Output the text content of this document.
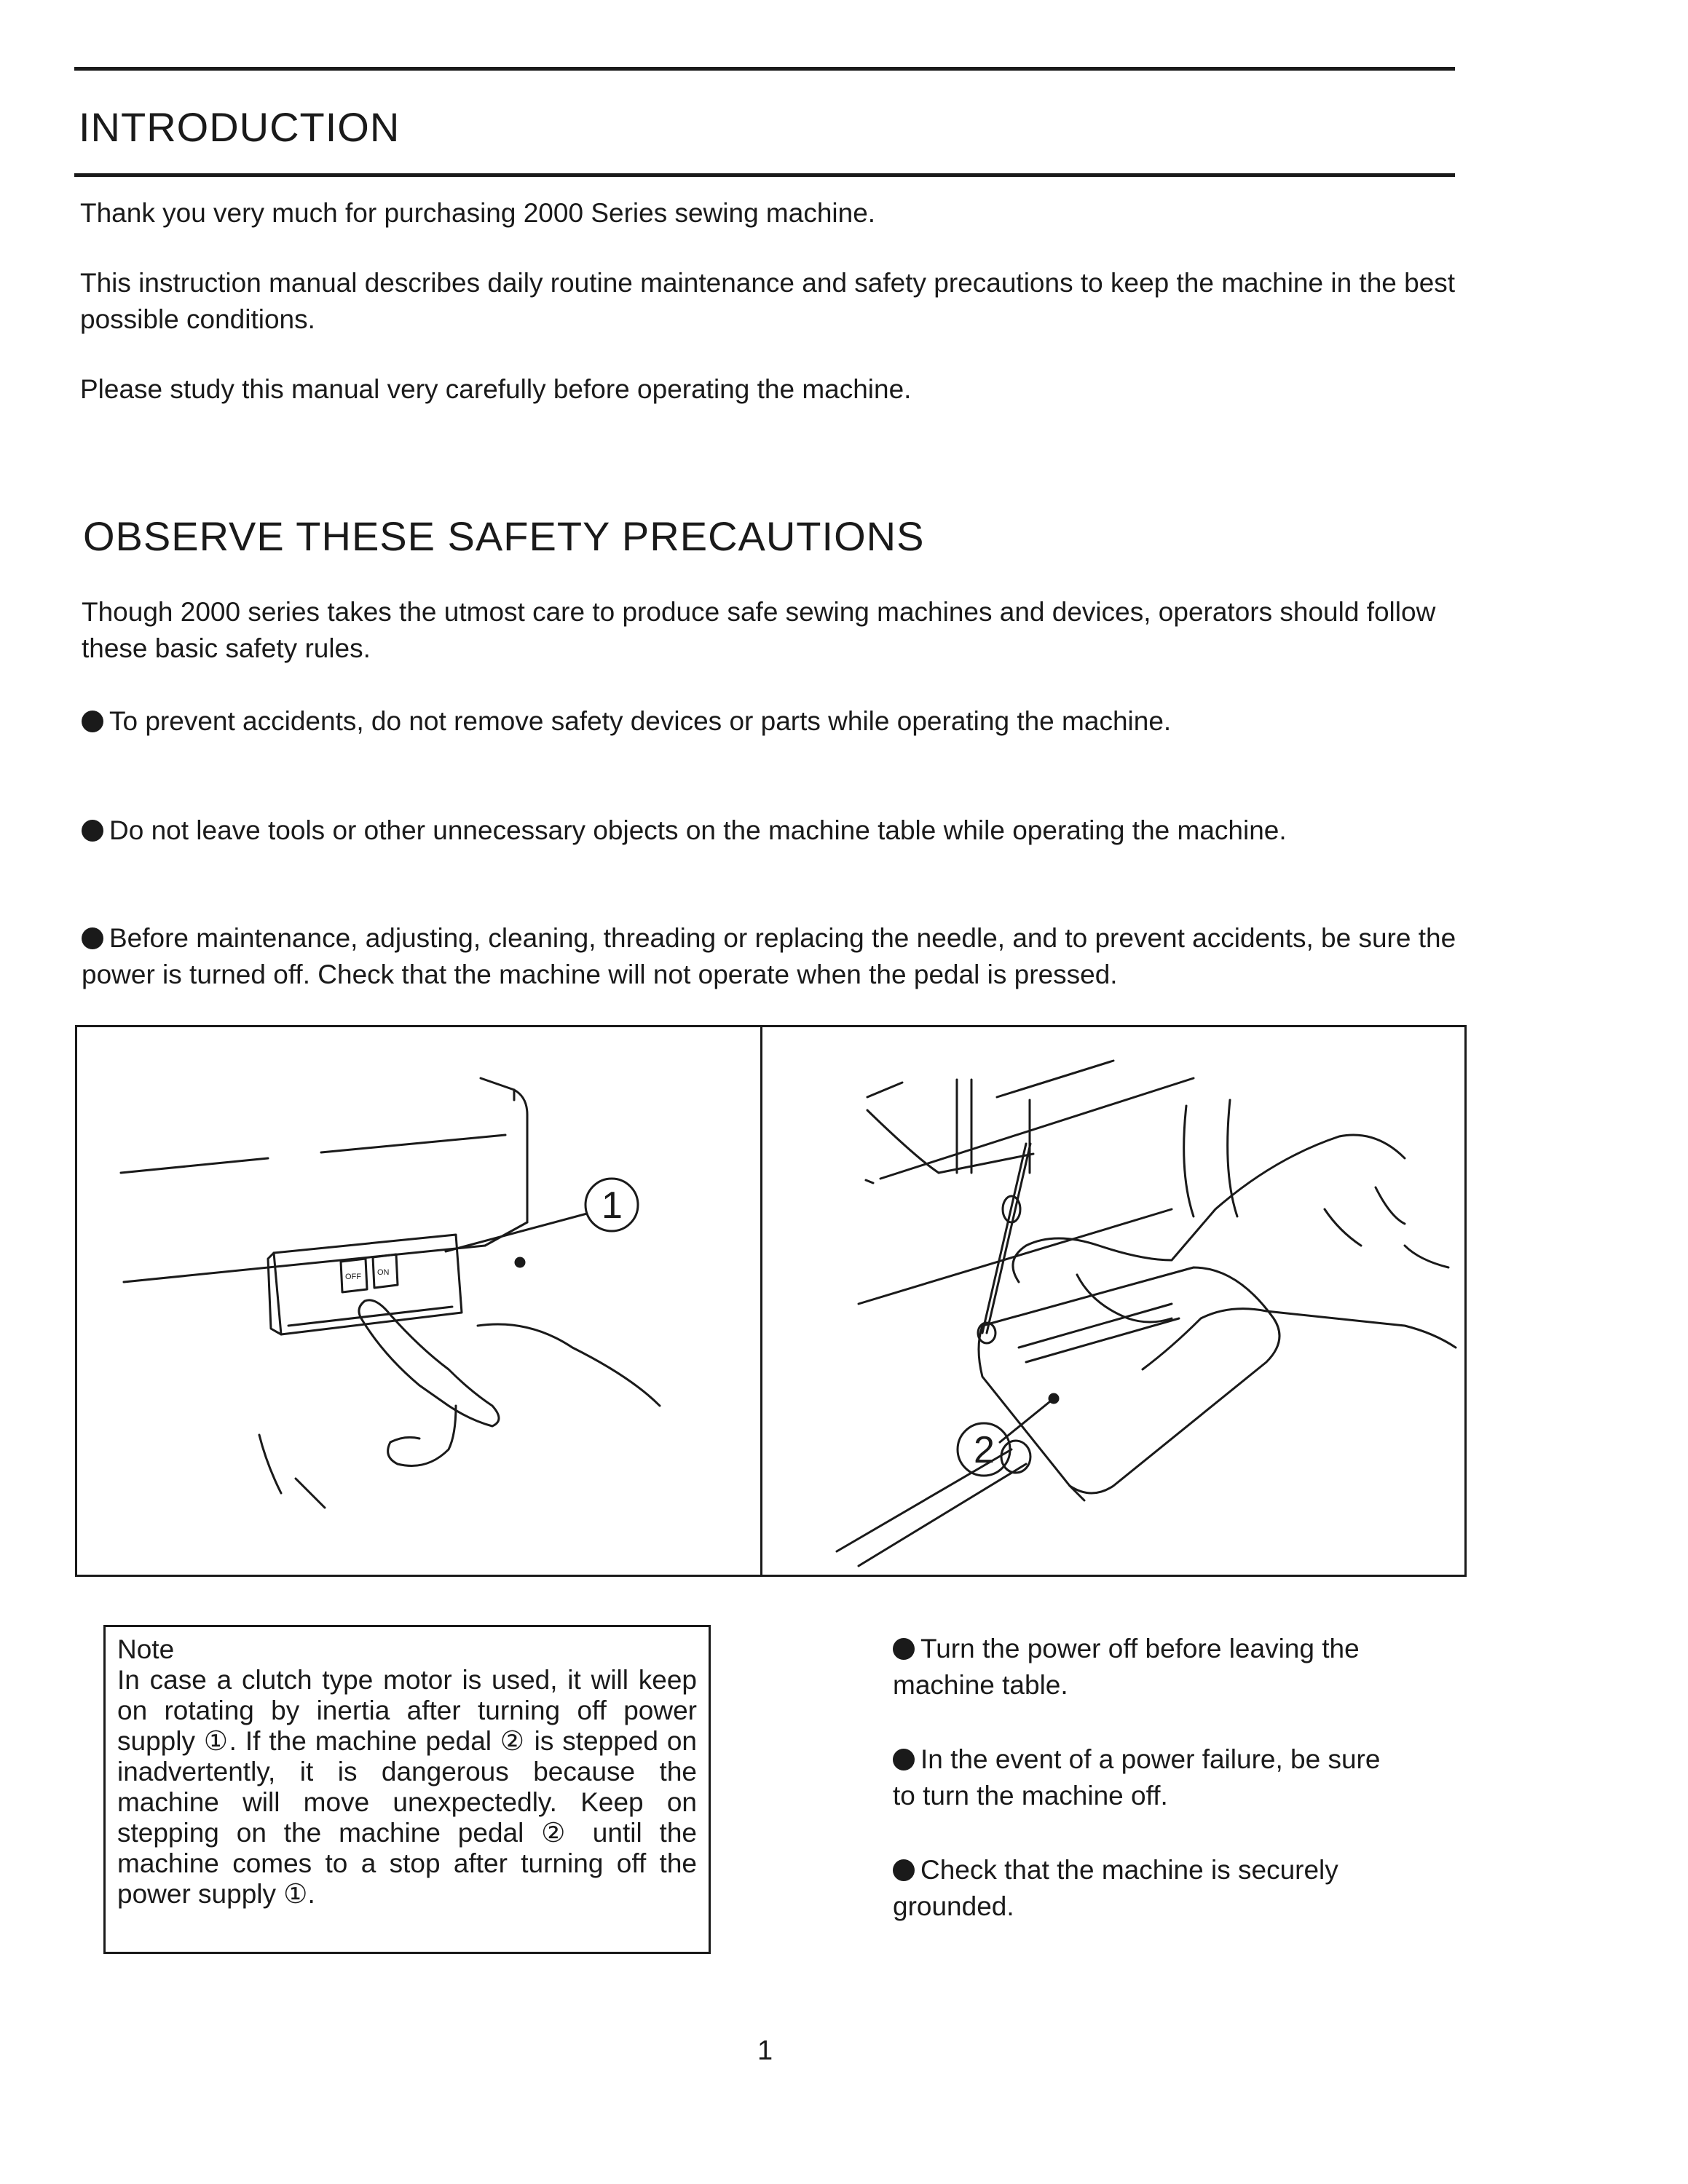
INTRODUCTION

Thank you very much for purchasing 2000 Series sewing machine.

This instruction manual describes daily routine maintenance and safety precautions to keep the machine in the best possible conditions.

Please study this manual very carefully before operating the machine.

OBSERVE THESE SAFETY PRECAUTIONS

Though 2000 series takes the utmost care to produce safe sewing machines and devices, operators should follow these basic safety rules.

To prevent accidents, do not remove safety devices or parts while operating the machine.

Do not leave tools or other unnecessary objects on the machine table while operating the machine.

Before maintenance, adjusting, cleaning, threading or replacing the needle, and to prevent accidents, be sure the power is turned off. Check that the machine will not operate when the pedal is pressed.

OFF ON
1
2

Note

In case a clutch type motor is used, it will keep on rotating by inertia after turning off power supply ①. If the machine pedal ② is stepped on inadvertently, it is dangerous because the machine will move unexpectedly. Keep on stepping on the machine pedal ② until the machine comes to a stop after turning off the power supply ①.

Turn the power off before leaving the machine table.

In the event of a power failure, be sure to turn the machine off.

Check that the machine is securely grounded.

1
